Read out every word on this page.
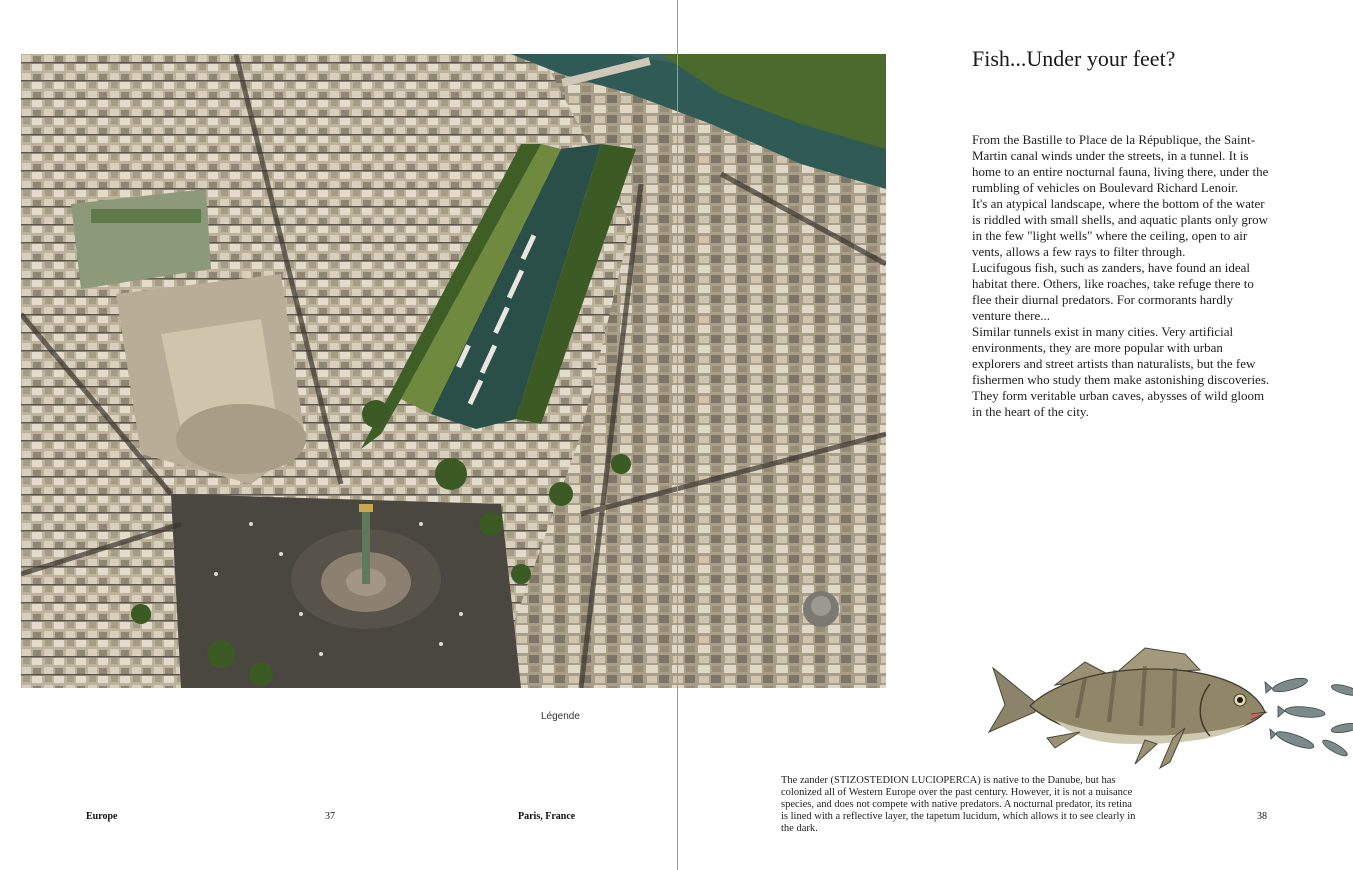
Légende
Europe	37	Paris, France
Fish...Under your feet?

From the Bastille to Place de la République, the Saint-Martin canal winds under the streets, in a tunnel. It is home to an entire nocturnal fauna, living there, under the rumbling of vehicles on Boulevard Richard Lenoir.

It's an atypical landscape, where the bottom of the water is riddled with small shells, and aquatic plants only grow in the few "light wells" where the ceiling, open to air vents, allows a few rays to filter through.

Lucifugous fish, such as zanders, have found an ideal habitat there. Others, like roaches, take refuge there to flee their diurnal predators. For cormorants hardly venture there...

Similar tunnels exist in many cities. Very artificial environments, they are more popular with urban explorers and street artists than naturalists, but the few fishermen who study them make astonishing discoveries. They form veritable urban caves, abysses of wild gloom in the heart of the city.

The zander (STIZOSTEDION LUCIOPERCA) is native to the Danube, but has colonized all of Western Europe over the past century. However, it is not a nuisance species, and does not compete with native predators. A nocturnal predator, its retina is lined with a reflective layer, the tapetum lucidum, which allows it to see clearly in the dark.
38
